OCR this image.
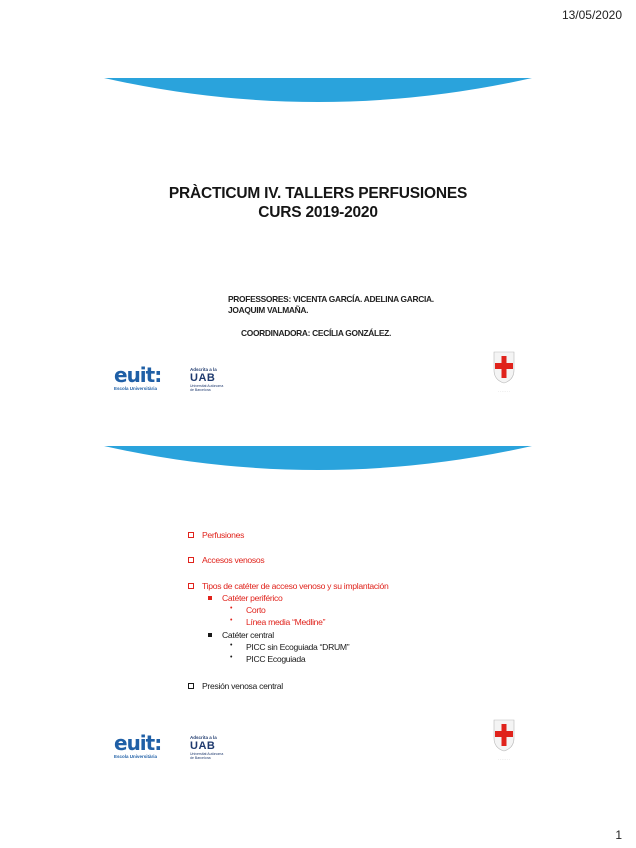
13/05/2020
PRÀCTICUM IV. TALLERS PERFUSIONES
CURS 2019-2020
PROFESSORES: VICENTA GARCÍA. ADELINA GARCIA.
JOAQUIM VALMAÑA.
COORDINADORA: CECÍLIA GONZÁLEZ.
euit:
Escola Universitària
Adscrita a la
UAB
Universitat Autònoma
de Barcelona	· · · · · · ·
Perfusiones
Accesos venosos
Tipos de catéter de acceso venoso y su implantación
Catéter periférico
• Corto
• Línea media “Medline”
Catéter central
• PICC sin Ecoguiada “DRUM”
• PICC Ecoguiada
Presión venosa central
euit:
Escola Universitària
Adscrita a la
UAB
Universitat Autònoma
de Barcelona	· · · · · · ·
1
